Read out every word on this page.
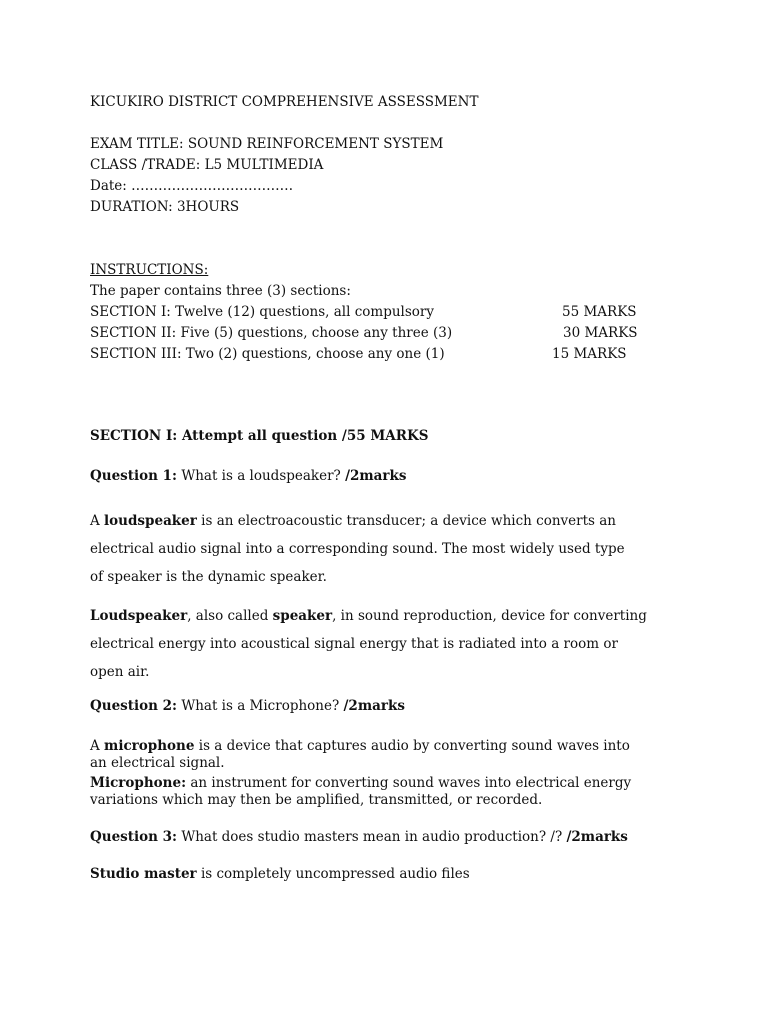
KICUKIRO DISTRICT COMPREHENSIVE ASSESSMENT
EXAM TITLE: SOUND REINFORCEMENT SYSTEM
CLASS /TRADE: L5 MULTIMEDIA
Date: ………………………………
DURATION: 3HOURS
INSTRUCTIONS:
The paper contains three (3) sections:
SECTION I: Twelve (12) questions, all compulsory	55 MARKS
SECTION II: Five (5) questions, choose any three (3)	30 MARKS
SECTION III: Two (2) questions, choose any one (1)	15 MARKS
SECTION I: Attempt all question /55 MARKS
Question 1: What is a loudspeaker? /2marks
A loudspeaker is an electroacoustic transducer; a device which converts an
electrical audio signal into a corresponding sound. The most widely used type
of speaker is the dynamic speaker.
Loudspeaker, also called speaker, in sound reproduction, device for converting
electrical energy into acoustical signal energy that is radiated into a room or
open air.
Question 2: What is a Microphone? /2marks
A microphone is a device that captures audio by converting sound waves into
an electrical signal.
Microphone: an instrument for converting sound waves into electrical energy
variations which may then be amplified, transmitted, or recorded.
Question 3: What does studio masters mean in audio production? /? /2marks
Studio master is completely uncompressed audio files
